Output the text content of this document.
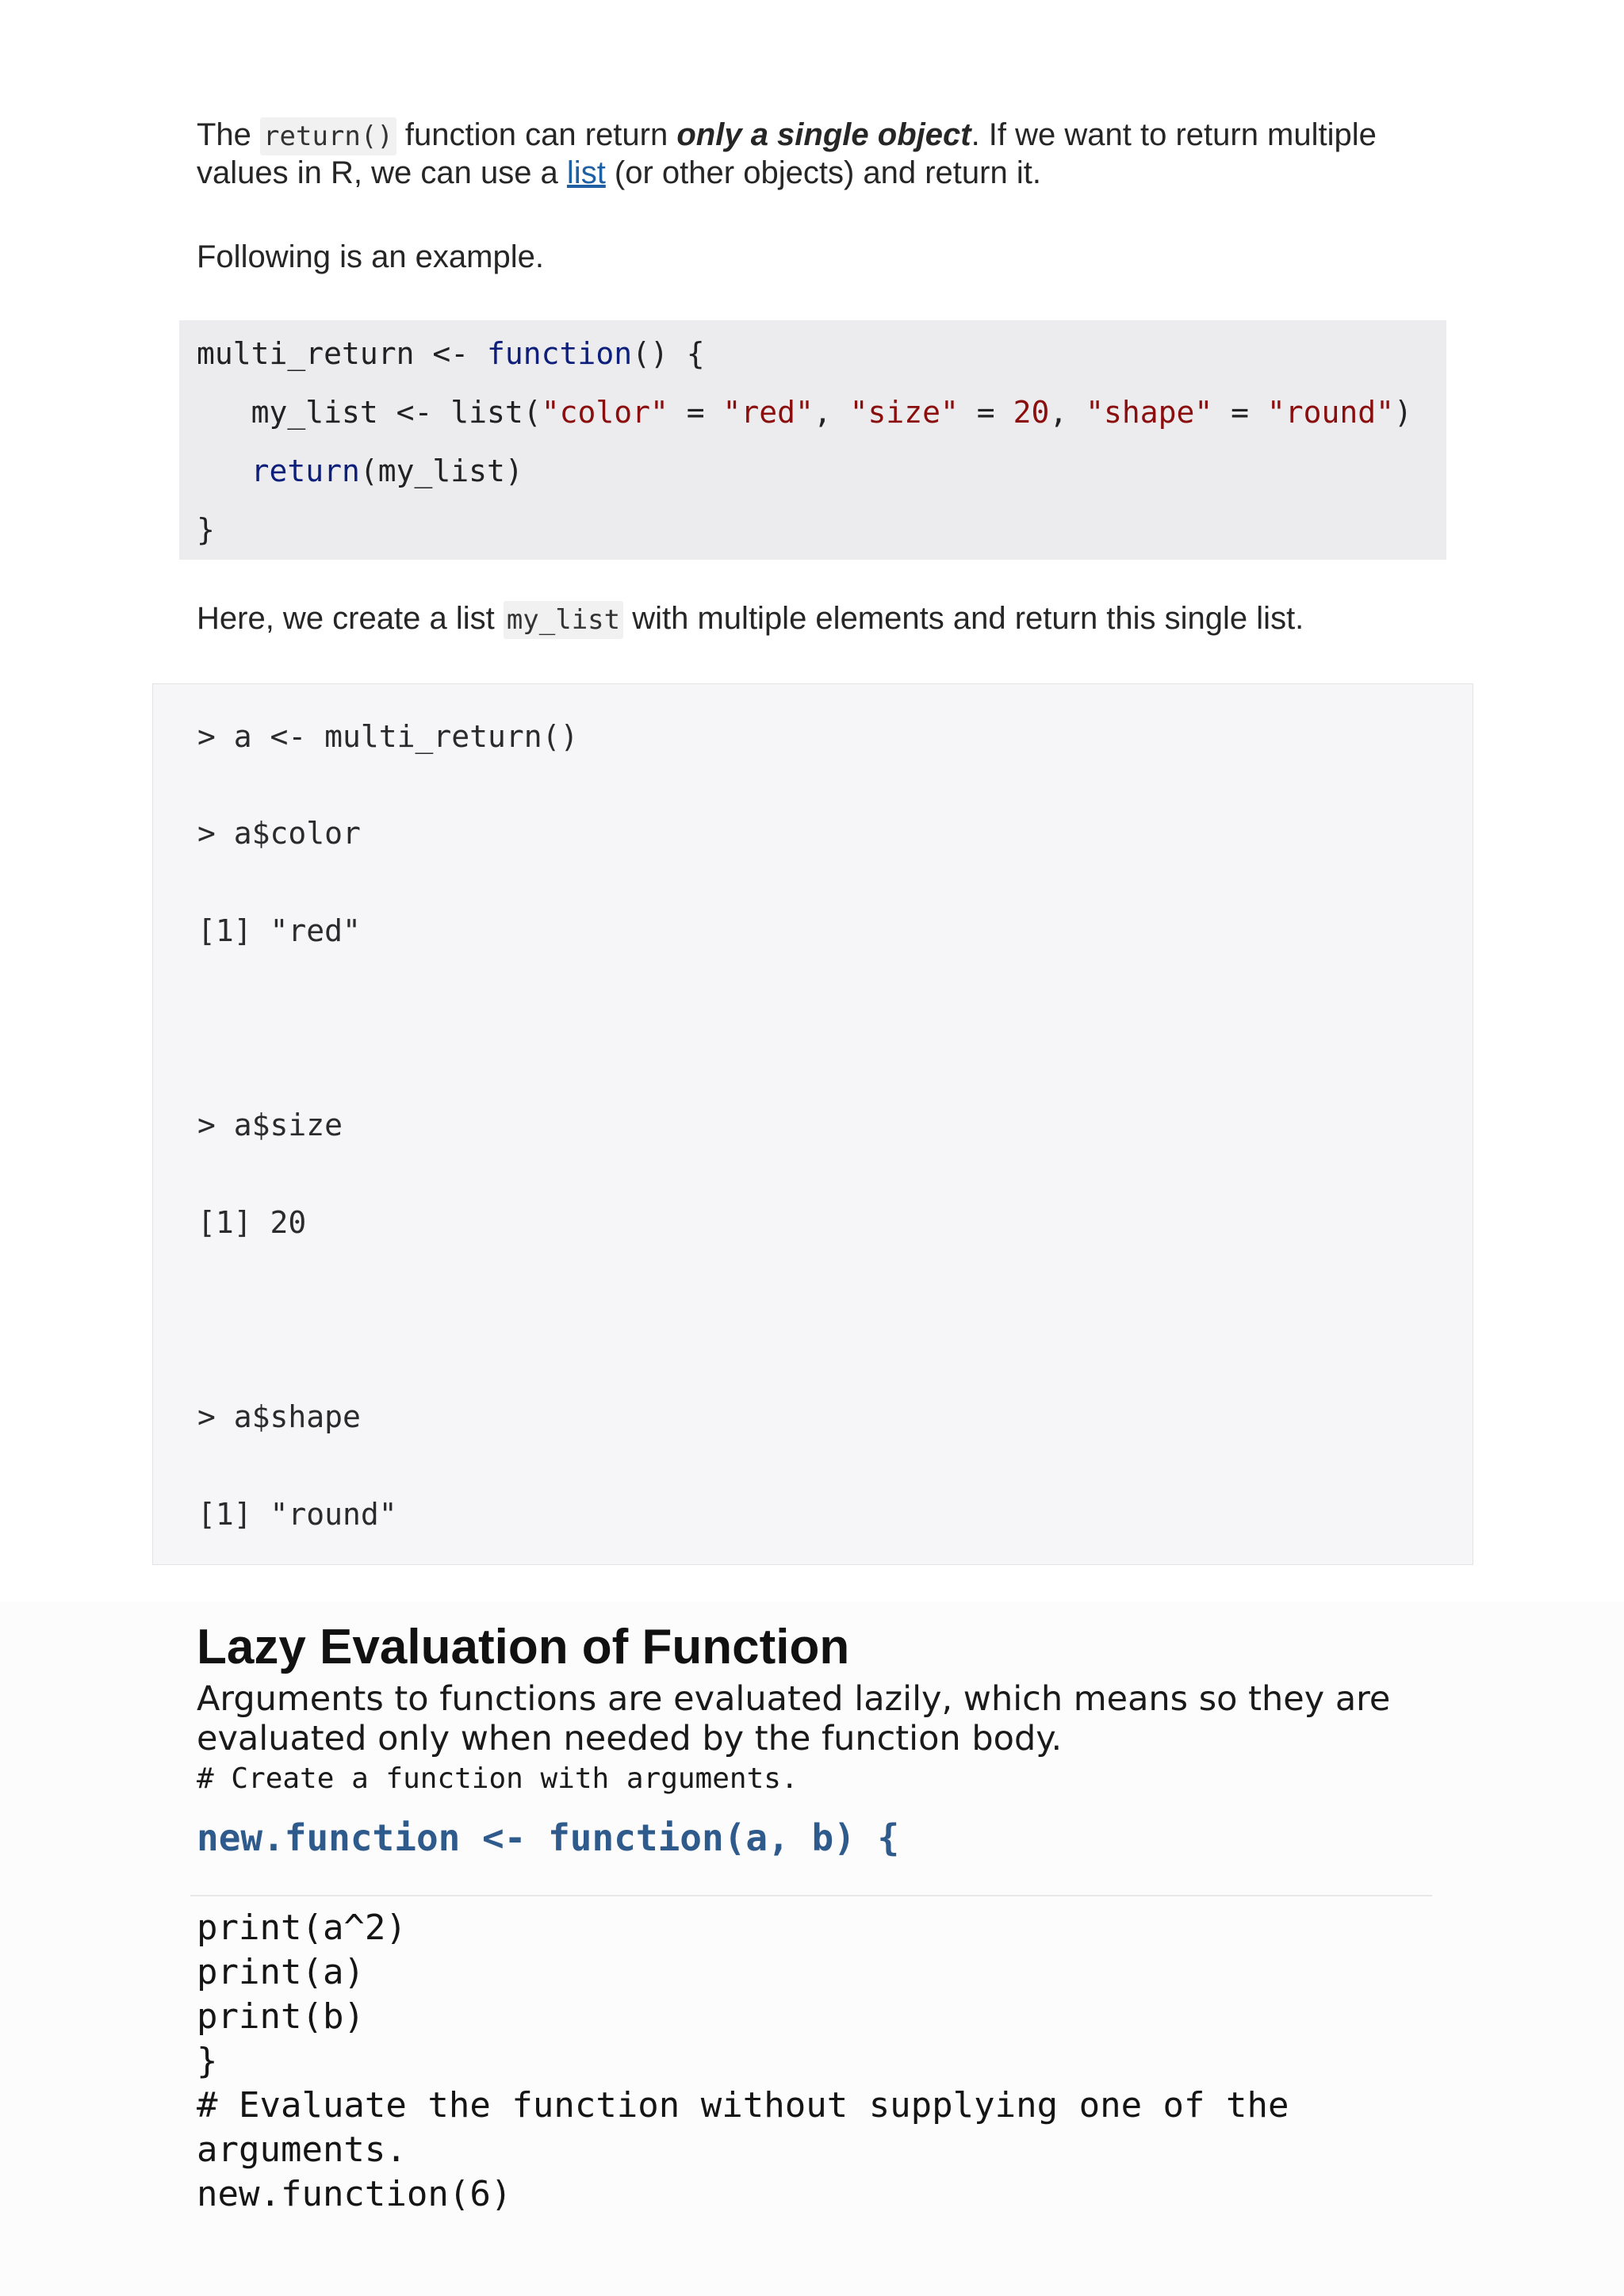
The return() function can return only a single object. If we want to return multiple
values in R, we can use a list (or other objects) and return it.
Following is an example.
multi_return <- function() {
my_list <- list("color" = "red", "size" = 20, "shape" = "round")
return(my_list)
}
Here, we create a list my_list with multiple elements and return this single list.
> a <- multi_return()
> a$color
[1] "red"
> a$size
[1] 20
> a$shape
[1] "round"
Lazy Evaluation of Function
Arguments to functions are evaluated lazily, which means so they are
evaluated only when needed by the function body.
# Create a function with arguments.
new.function <- function(a, b) {
print(a^2)
print(a)
print(b)
}
# Evaluate the function without supplying one of the
arguments.
new.function(6)
